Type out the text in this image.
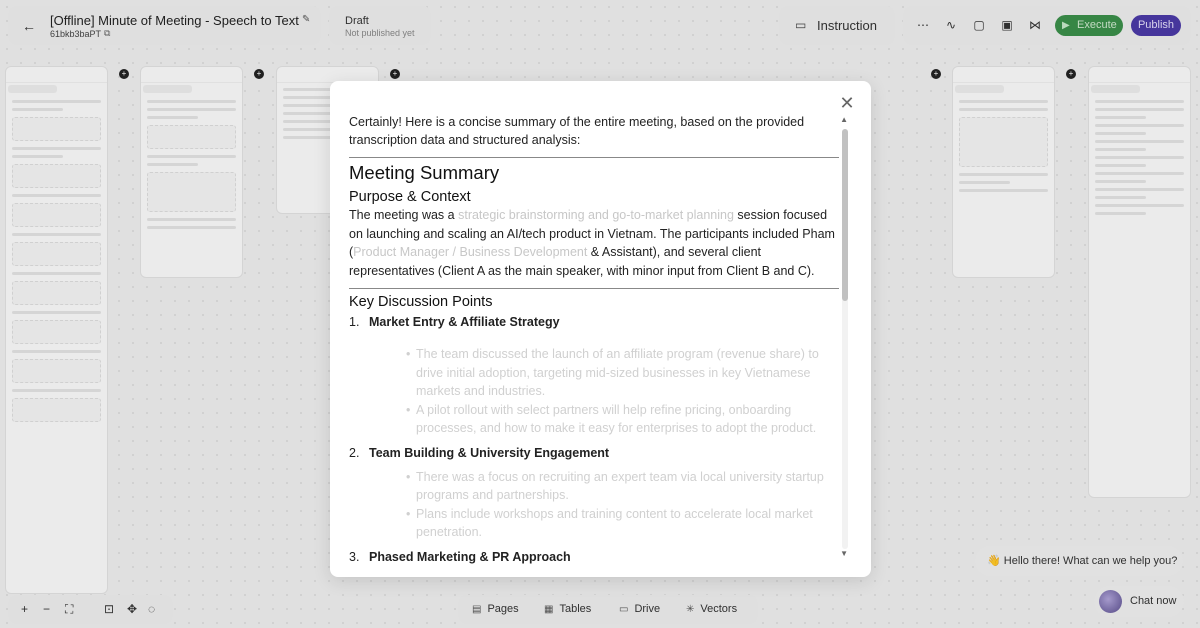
+	+	+	+	+
← [Offline] Minute of Meeting - Speech to Text ✎
61bkb3baPT ⧉
Draft
Not published yet
▭ Instruction	⋯ ∿ ▢ ▣ ⋈ ▶ Execute	Publish
+ − ⛶	⊡ ✥ ◌	▤ Pages	▦ Tables	▭ Drive	✳ Vectors
👋 Hello there! What can we help you?
Chat now
✕
▲
▼
Certainly! Here is a concise summary of the entire meeting, based on the provided transcription data and structured analysis:
Meeting Summary
Purpose & Context
The meeting was a strategic brainstorming and go-to-market planning session focused on launching and scaling an AI/tech product in Vietnam. The participants included Pham (Product Manager / Business Development & Assistant), and several client representatives (Client A as the main speaker, with minor input from Client B and C).
Key Discussion Points
1. Market Entry & Affiliate Strategy
• The team discussed the launch of an affiliate program (revenue share) to drive initial adoption, targeting mid-sized businesses in key Vietnamese markets and industries.
• A pilot rollout with select partners will help refine pricing, onboarding processes, and how to make it easy for enterprises to adopt the product.
2. Team Building & University Engagement
• There was a focus on recruiting an expert team via local university startup programs and partnerships.
• Plans include workshops and training content to accelerate local market penetration.
3. Phased Marketing & PR Approach
